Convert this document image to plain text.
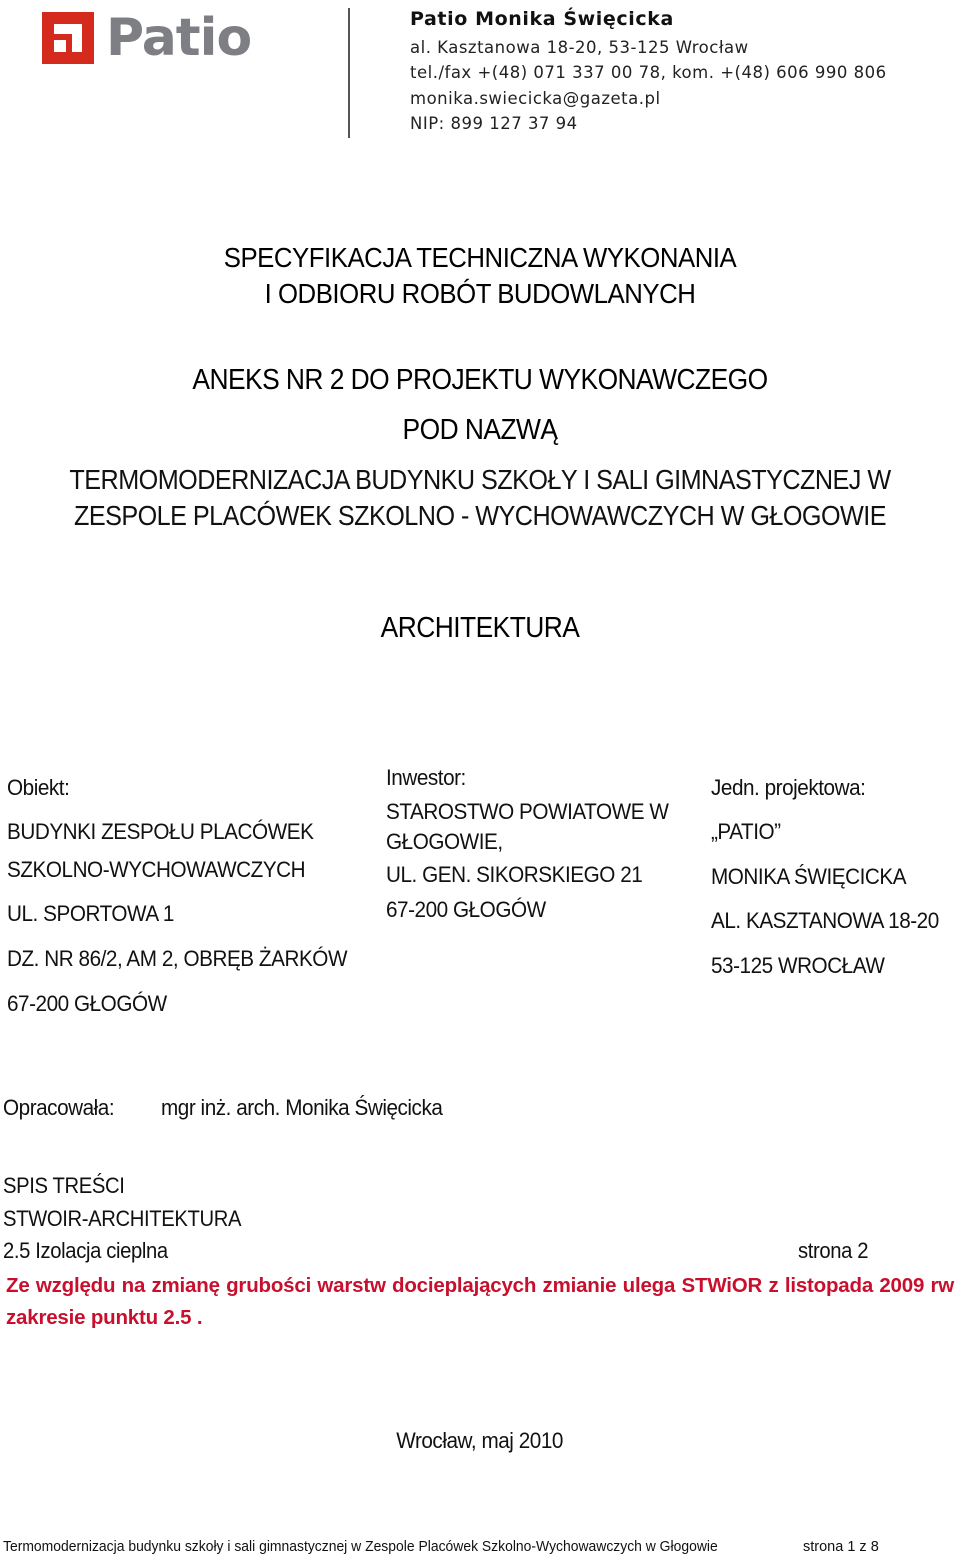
Patio	Patio Monika Święcicka
al. Kasztanowa 18-20, 53-125 Wrocław
tel./fax +(48) 071 337 00 78, kom. +(48) 606 990 806
monika.swiecicka@gazeta.pl
NIP: 899 127 37 94
SPECYFIKACJA TECHNICZNA WYKONANIA
I ODBIORU ROBÓT BUDOWLANYCH
ANEKS NR 2 DO PROJEKTU WYKONAWCZEGO
POD NAZWĄ
TERMOMODERNIZACJA BUDYNKU SZKOŁY I SALI GIMNASTYCZNEJ W
ZESPOLE PLACÓWEK SZKOLNO - WYCHOWAWCZYCH W GŁOGOWIE
ARCHITEKTURA
Obiekt:
BUDYNKI ZESPOŁU PLACÓWEK
SZKOLNO-WYCHOWAWCZYCH
UL. SPORTOWA 1
DZ. NR 86/2, AM 2, OBRĘB ŻARKÓW
67-200 GŁOGÓW
Inwestor:
STAROSTWO POWIATOWE W
GŁOGOWIE,
UL. GEN. SIKORSKIEGO 21
67-200 GŁOGÓW
Jedn. projektowa:
„PATIO”
MONIKA ŚWIĘCICKA
AL. KASZTANOWA 18-20
53-125 WROCŁAW
Opracowała: mgr inż. arch. Monika Święcicka
SPIS TREŚCI
STWOIR-ARCHITEKTURA
2.5 Izolacja cieplna	strona 2
Ze względu na zmianę grubości warstw docieplających zmianie ulega STWiOR z listopada 2009 rw zakresie punktu 2.5 .
Wrocław, maj 2010
Termomodernizacja budynku szkoły i sali gimnastycznej w Zespole Placówek Szkolno-Wychowawczych w Głogowie	strona 1 z 8
